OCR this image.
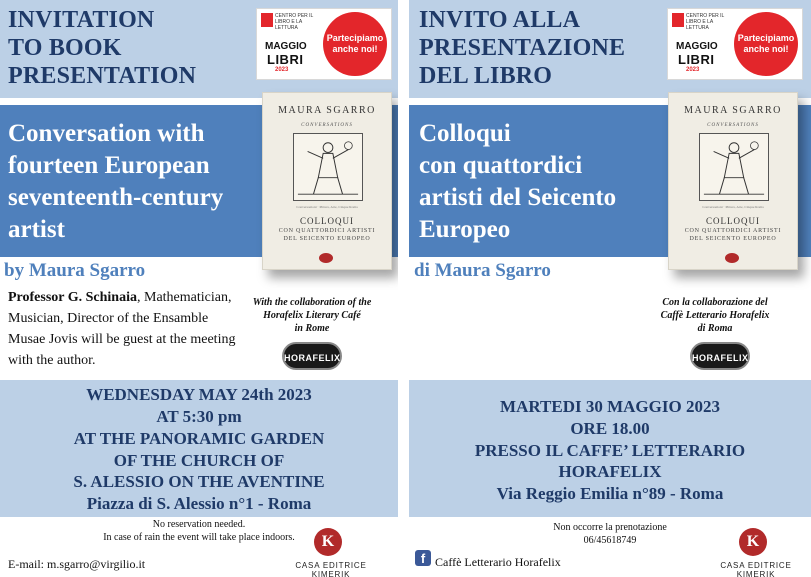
INVITATION
TO BOOK
PRESENTATION
CENTRO PER IL LIBRO E LA LETTURA
MAGGIO
LIBRI
2023
Partecipiamo anche noi!
Conversation with
fourteen European
seventeenth-century
artist
MAURA SGARRO
CONVERSATIONS
Conversazioni · Pittura, Arte, Cinque Roma
COLLOQUI
CON QUATTORDICI ARTISTI
DEL SEICENTO EUROPEO
by Maura Sgarro
Professor G. Schinaia, Mathematician, Musician, Director of the Ensamble Musae Jovis will be guest at the meeting with the author.
With the collaboration of the
Horafelix Literary Café
in Rome
HORAFELIX
WEDNESDAY MAY 24th 2023
AT 5:30 pm
AT THE PANORAMIC GARDEN
OF THE CHURCH OF
S. ALESSIO ON THE AVENTINE
Piazza di S. Alessio n°1 - Roma
No reservation needed.
In case of rain the event will take place indoors.
E-mail: m.sgarro@virgilio.it
K
CASA EDITRICE KIMERIK
INVITO ALLA
PRESENTAZIONE
DEL LIBRO
CENTRO PER IL LIBRO E LA LETTURA
MAGGIO
LIBRI
2023
Partecipiamo anche noi!
Colloqui
con quattordici
artisti del Seicento
Europeo
MAURA SGARRO
CONVERSATIONS
Conversazioni · Pittura, Arte, Cinque Roma
COLLOQUI
CON QUATTORDICI ARTISTI
DEL SEICENTO EUROPEO
di Maura Sgarro
Con la collaborazione del
Caffè Letterario Horafelix
di Roma
HORAFELIX
MARTEDI 30 MAGGIO 2023
ORE 18.00
PRESSO IL CAFFE’ LETTERARIO
HORAFELIX
Via Reggio Emilia n°89 - Roma
Non occorre la prenotazione
06/45618749
f Caffè Letterario Horafelix
K
CASA EDITRICE KIMERIK
